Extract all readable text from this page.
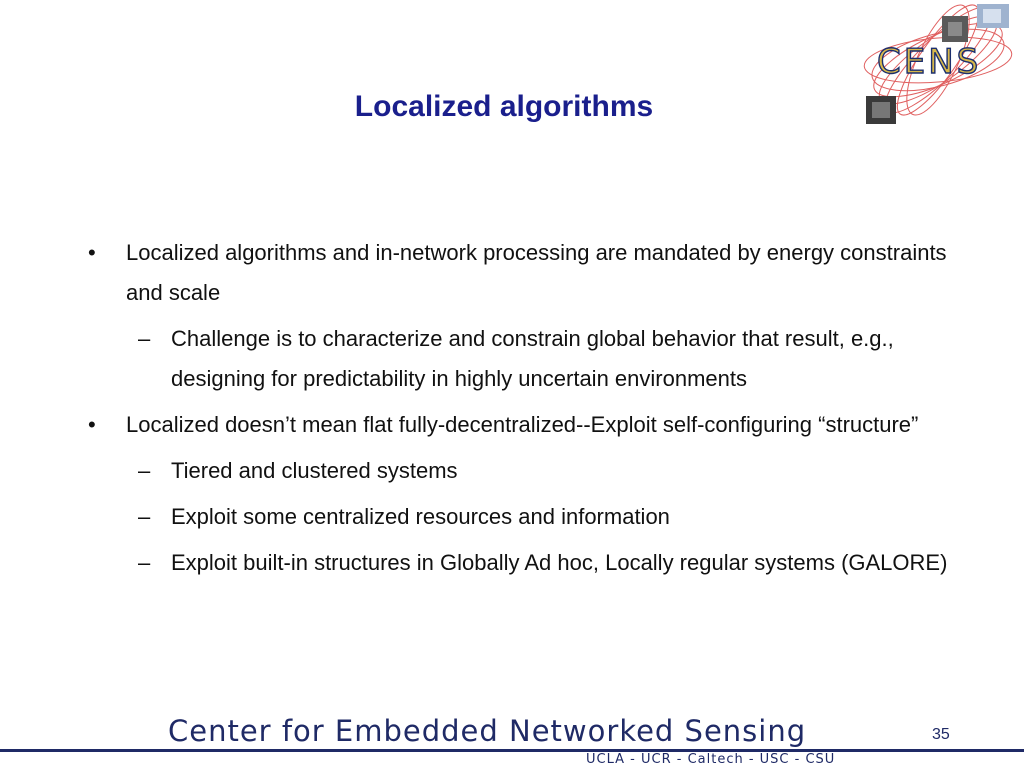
CENS
Localized algorithms
• Localized algorithms and in-network processing are mandated by energy constraints and scale
– Challenge is to characterize and constrain global behavior that result, e.g., designing for predictability in highly uncertain environments
• Localized doesn’t mean flat fully-decentralized--Exploit self-configuring “structure”
– Tiered and clustered systems
– Exploit some centralized resources and information
– Exploit built-in structures in Globally Ad hoc, Locally regular systems (GALORE)
Center for Embedded Networked Sensing	35
UCLA - UCR - Caltech - USC - CSU
